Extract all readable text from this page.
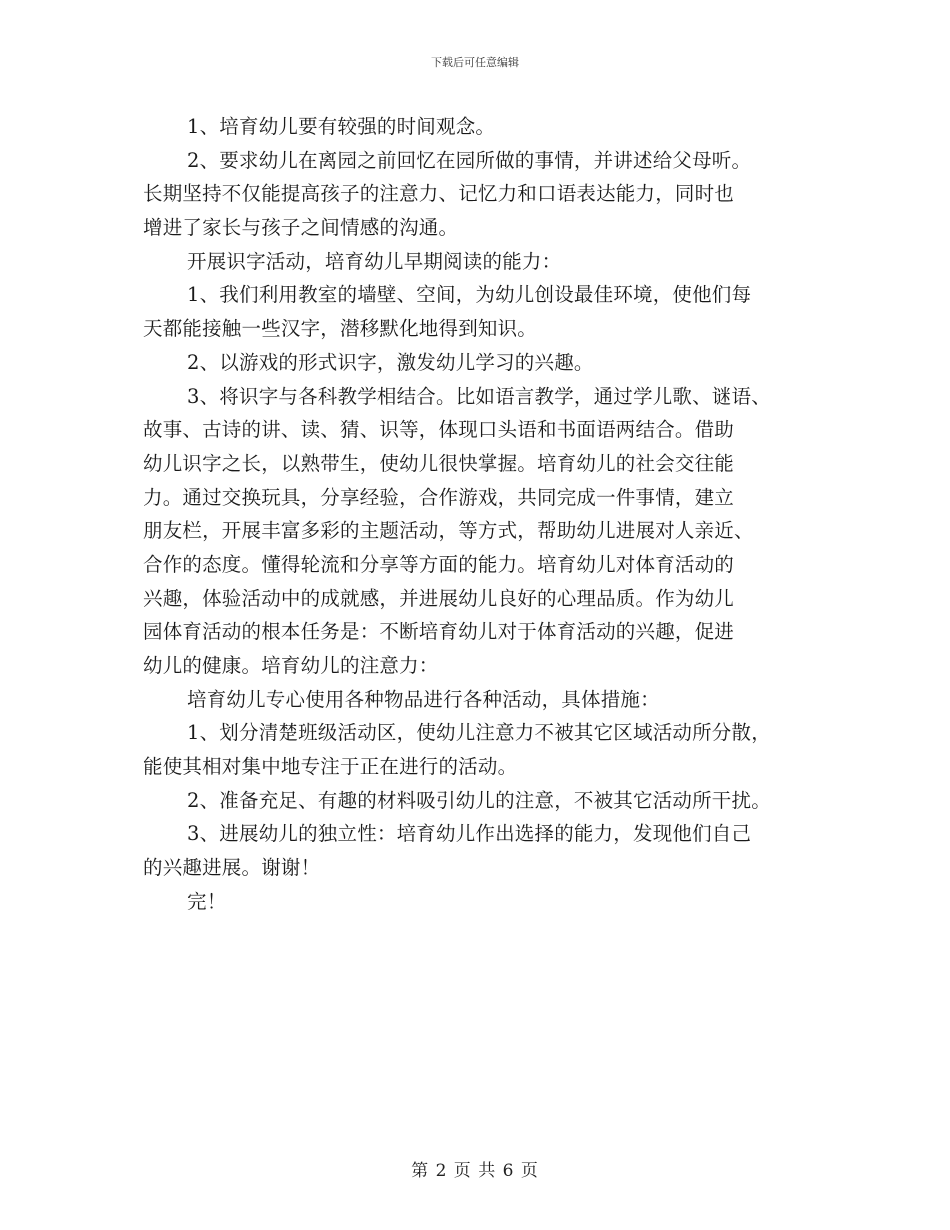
下载后可任意编辑
1、培育幼儿要有较强的时间观念。
2、要求幼儿在离园之前回忆在园所做的事情，并讲述给父母听。
长期坚持不仅能提高孩子的注意力、记忆力和口语表达能力，同时也
增进了家长与孩子之间情感的沟通。
开展识字活动，培育幼儿早期阅读的能力：
1、我们利用教室的墙壁、空间，为幼儿创设最佳环境，使他们每
天都能接触一些汉字，潜移默化地得到知识。
2、以游戏的形式识字，激发幼儿学习的兴趣。
3、将识字与各科教学相结合。比如语言教学，通过学儿歌、谜语、
故事、古诗的讲、读、猜、识等，体现口头语和书面语两结合。借助
幼儿识字之长，以熟带生，使幼儿很快掌握。培育幼儿的社会交往能
力。通过交换玩具，分享经验，合作游戏，共同完成一件事情，建立
朋友栏，开展丰富多彩的主题活动，等方式，帮助幼儿进展对人亲近、
合作的态度。懂得轮流和分享等方面的能力。培育幼儿对体育活动的
兴趣，体验活动中的成就感，并进展幼儿良好的心理品质。作为幼儿
园体育活动的根本任务是：不断培育幼儿对于体育活动的兴趣，促进
幼儿的健康。培育幼儿的注意力：
培育幼儿专心使用各种物品进行各种活动，具体措施：
1、划分清楚班级活动区，使幼儿注意力不被其它区域活动所分散，
能使其相对集中地专注于正在进行的活动。
2、准备充足、有趣的材料吸引幼儿的注意，不被其它活动所干扰。
3、进展幼儿的独立性：培育幼儿作出选择的能力，发现他们自己
的兴趣进展。谢谢！
完！
第 2 页 共 6 页
